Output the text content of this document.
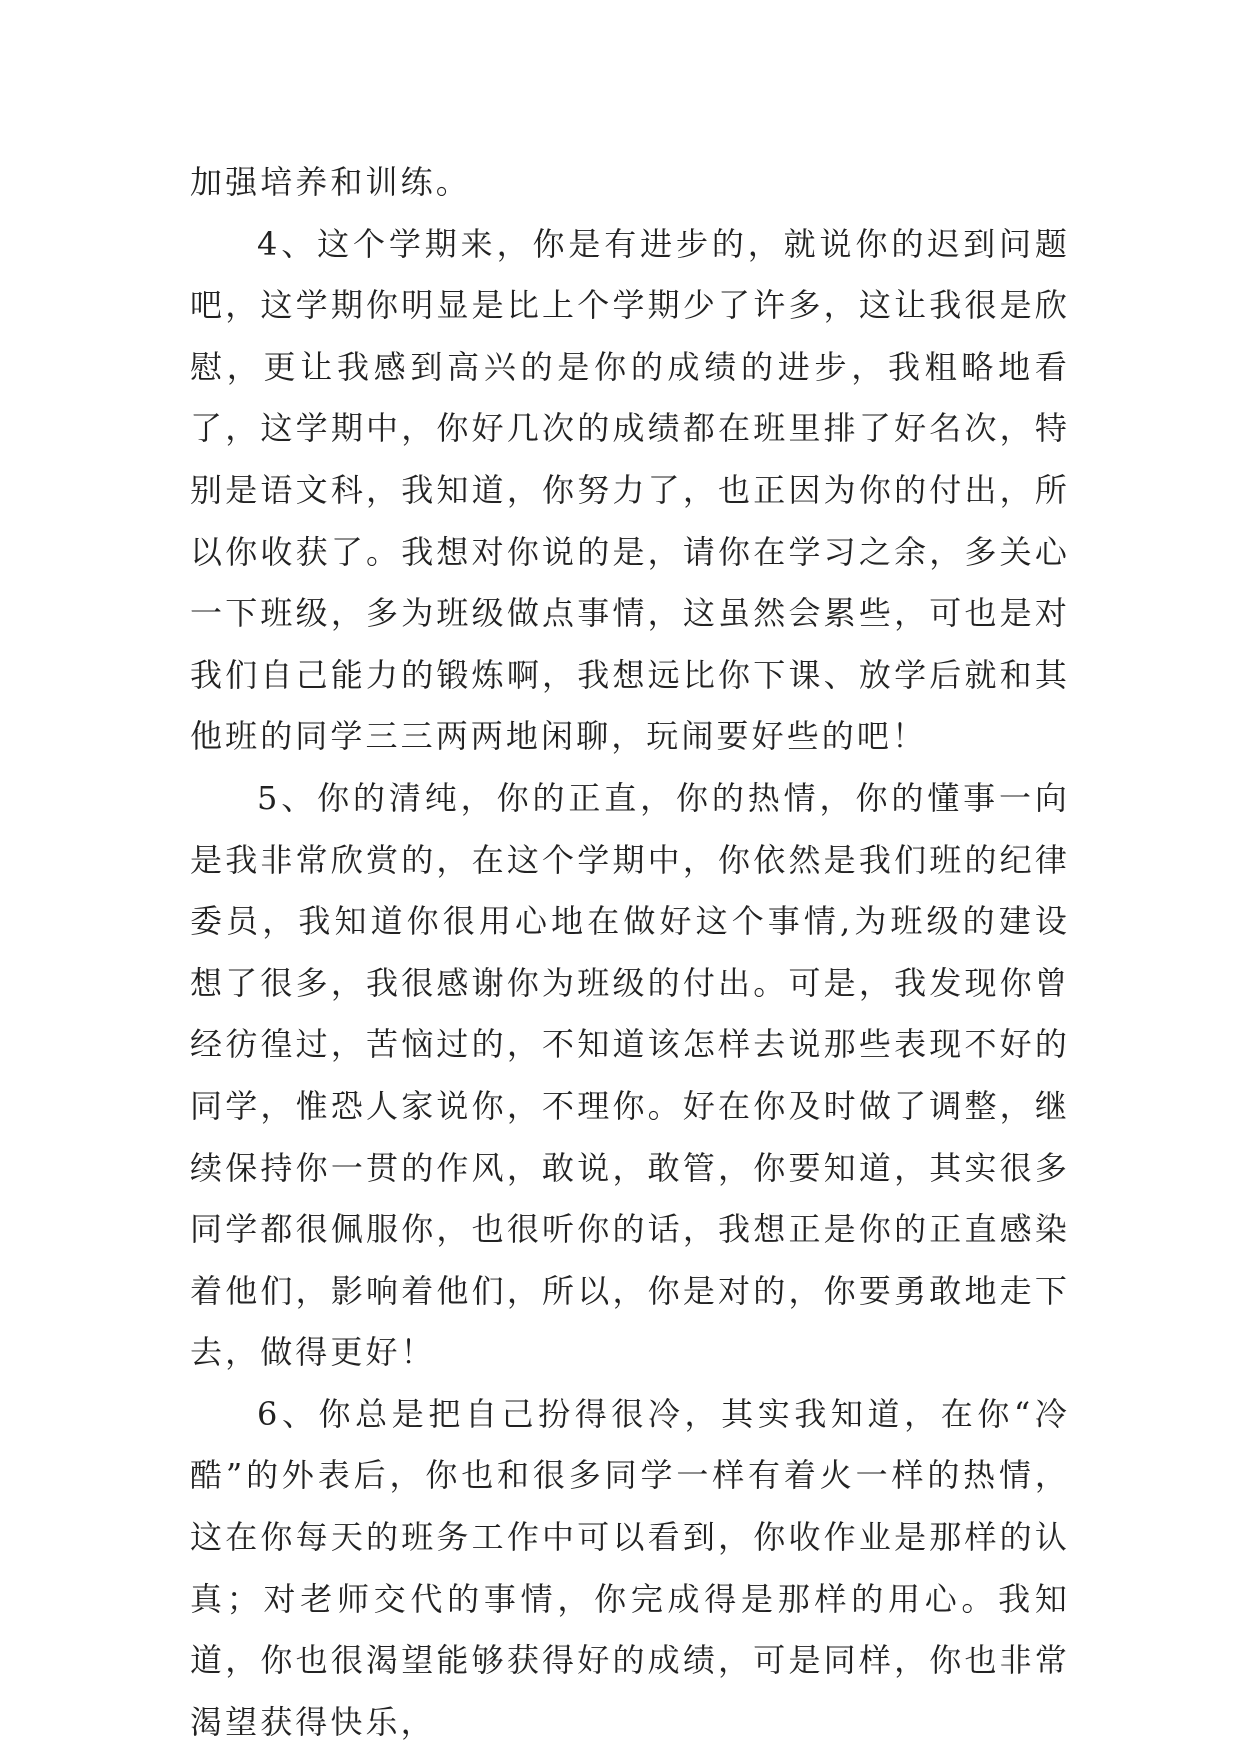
加强培养和训练。

4、这个学期来，你是有进步的，就说你的迟到问题吧，这学期你明显是比上个学期少了许多，这让我很是欣慰，更让我感到高兴的是你的成绩的进步，我粗略地看了，这学期中，你好几次的成绩都在班里排了好名次，特别是语文科，我知道，你努力了，也正因为你的付出，所以你收获了。我想对你说的是，请你在学习之余，多关心一下班级，多为班级做点事情，这虽然会累些，可也是对我们自己能力的锻炼啊，我想远比你下课、放学后就和其他班的同学三三两两地闲聊，玩闹要好些的吧！

5、你的清纯，你的正直，你的热情，你的懂事一向是我非常欣赏的，在这个学期中，你依然是我们班的纪律委员，我知道你很用心地在做好这个事情,为班级的建设想了很多，我很感谢你为班级的付出。可是，我发现你曾经彷徨过，苦恼过的，不知道该怎样去说那些表现不好的同学，惟恐人家说你，不理你。好在你及时做了调整，继续保持你一贯的作风，敢说，敢管，你要知道，其实很多同学都很佩服你，也很听你的话，我想正是你的正直感染着他们，影响着他们，所以，你是对的，你要勇敢地走下去，做得更好！

6、你总是把自己扮得很冷，其实我知道，在你“冷酷”的外表后，你也和很多同学一样有着火一样的热情，这在你每天的班务工作中可以看到，你收作业是那样的认真；对老师交代的事情，你完成得是那样的用心。我知道，你也很渴望能够获得好的成绩，可是同样，你也非常渴望获得快乐，
